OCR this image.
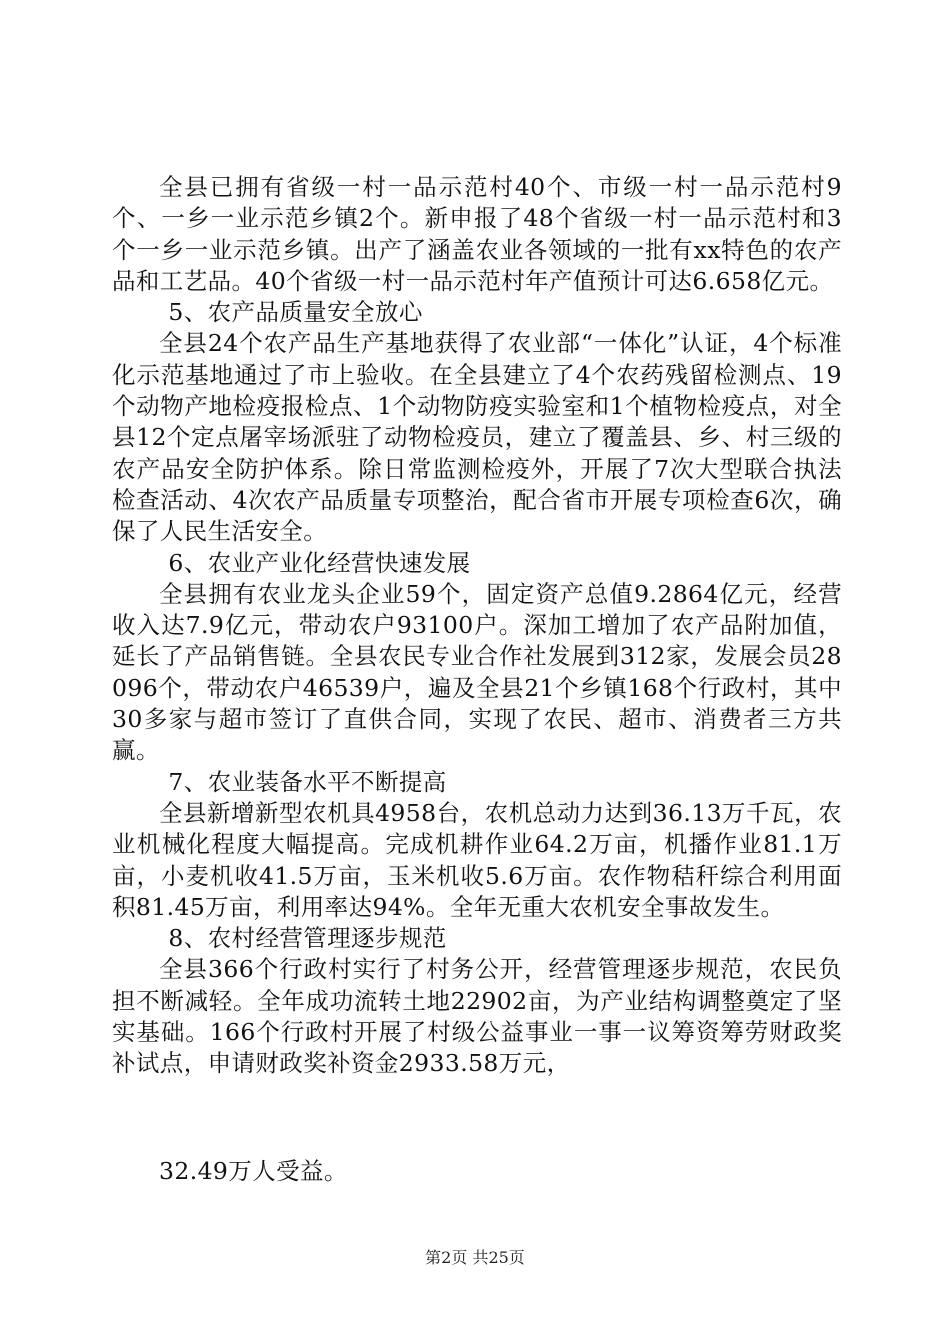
全县已拥有省级一村一品示范村40个、市级一村一品示范村9个、一乡一业示范乡镇2个。新申报了48个省级一村一品示范村和3个一乡一业示范乡镇。出产了涵盖农业各领域的一批有xx特色的农产品和工艺品。40个省级一村一品示范村年产值预计可达6.658亿元。

5、农产品质量安全放心

全县24个农产品生产基地获得了农业部“一体化”认证，4个标准化示范基地通过了市上验收。在全县建立了4个农药残留检测点、19个动物产地检疫报检点、1个动物防疫实验室和1个植物检疫点，对全县12个定点屠宰场派驻了动物检疫员，建立了覆盖县、乡、村三级的农产品安全防护体系。除日常监测检疫外，开展了7次大型联合执法检查活动、4次农产品质量专项整治，配合省市开展专项检查6次，确保了人民生活安全。

6、农业产业化经营快速发展

全县拥有农业龙头企业59个，固定资产总值9.2864亿元，经营收入达7.9亿元，带动农户93100户。深加工增加了农产品附加值，延长了产品销售链。全县农民专业合作社发展到312家，发展会员28096个，带动农户46539户，遍及全县21个乡镇168个行政村，其中30多家与超市签订了直供合同，实现了农民、超市、消费者三方共赢。

7、农业装备水平不断提高

全县新增新型农机具4958台，农机总动力达到36.13万千瓦，农业机械化程度大幅提高。完成机耕作业64.2万亩，机播作业81.1万亩，小麦机收41.5万亩，玉米机收5.6万亩。农作物秸秆综合利用面积81.45万亩，利用率达94%。全年无重大农机安全事故发生。

8、农村经营管理逐步规范

全县366个行政村实行了村务公开，经营管理逐步规范，农民负担不断减轻。全年成功流转土地22902亩，为产业结构调整奠定了坚实基础。166个行政村开展了村级公益事业一事一议筹资筹劳财政奖补试点，申请财政奖补资金2933.58万元，

32.49万人受益。

第2页 共25页
